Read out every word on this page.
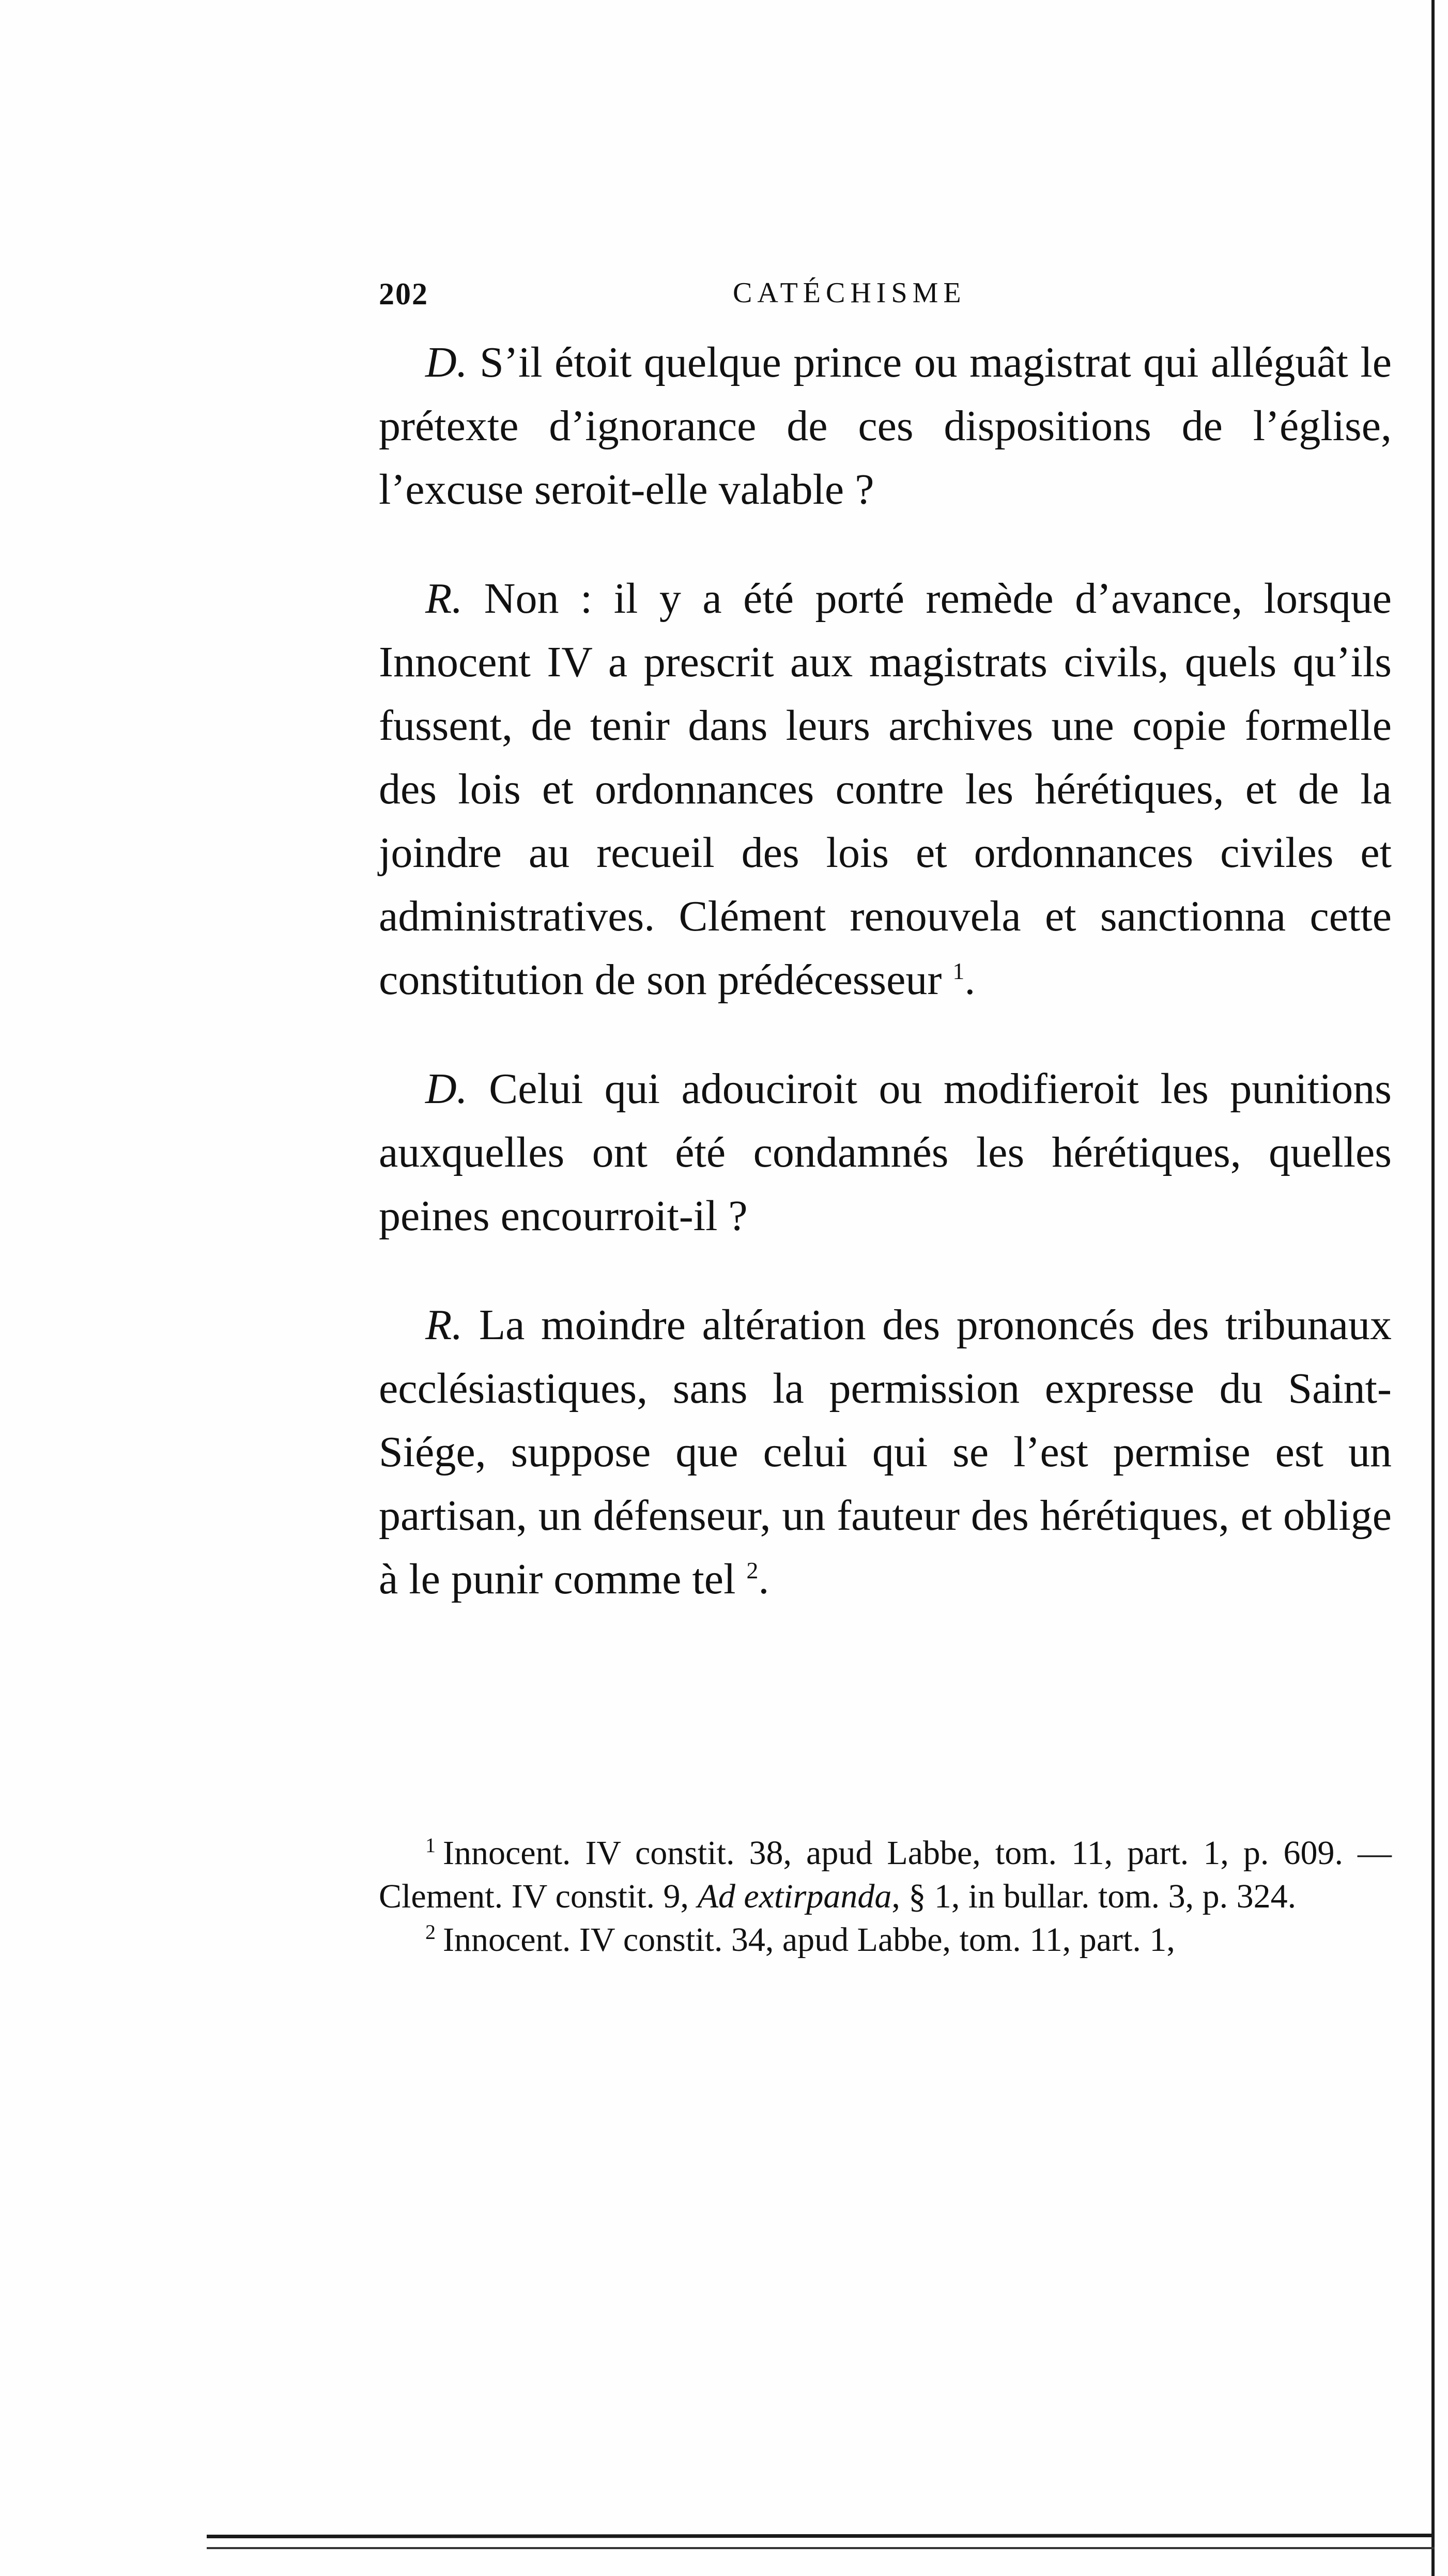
202	CATÉCHISME

D. S’il étoit quelque prince ou magistrat qui alléguât le prétexte d’ignorance de ces dispositions de l’église, l’excuse seroit-elle valable ?

R. Non : il y a été porté remède d’avance, lorsque Innocent IV a prescrit aux magistrats civils, quels qu’ils fussent, de tenir dans leurs archives une copie formelle des lois et ordonnances contre les hérétiques, et de la joindre au recueil des lois et ordonnances civiles et administratives. Clément renouvela et sanctionna cette constitution de son prédécesseur $^1$.

D. Celui qui adouciroit ou modifieroit les punitions auxquelles ont été condamnés les hérétiques, quelles peines encourroit-il ?

R. La moindre altération des prononcés des tribunaux ecclésiastiques, sans la permission expresse du Saint-Siége, suppose que celui qui se l’est permise est un partisan, un défenseur, un fauteur des hérétiques, et oblige à le punir comme tel $^2$.

$^1$ Innocent. IV constit. 38, apud Labbe, tom. 11, part. 1, p. 609. — Clement. IV constit. 9, Ad extirpanda, § 1, in bullar. tom. 3, p. 324.

$^2$ Innocent. IV constit. 34, apud Labbe, tom. 11, part. 1,
